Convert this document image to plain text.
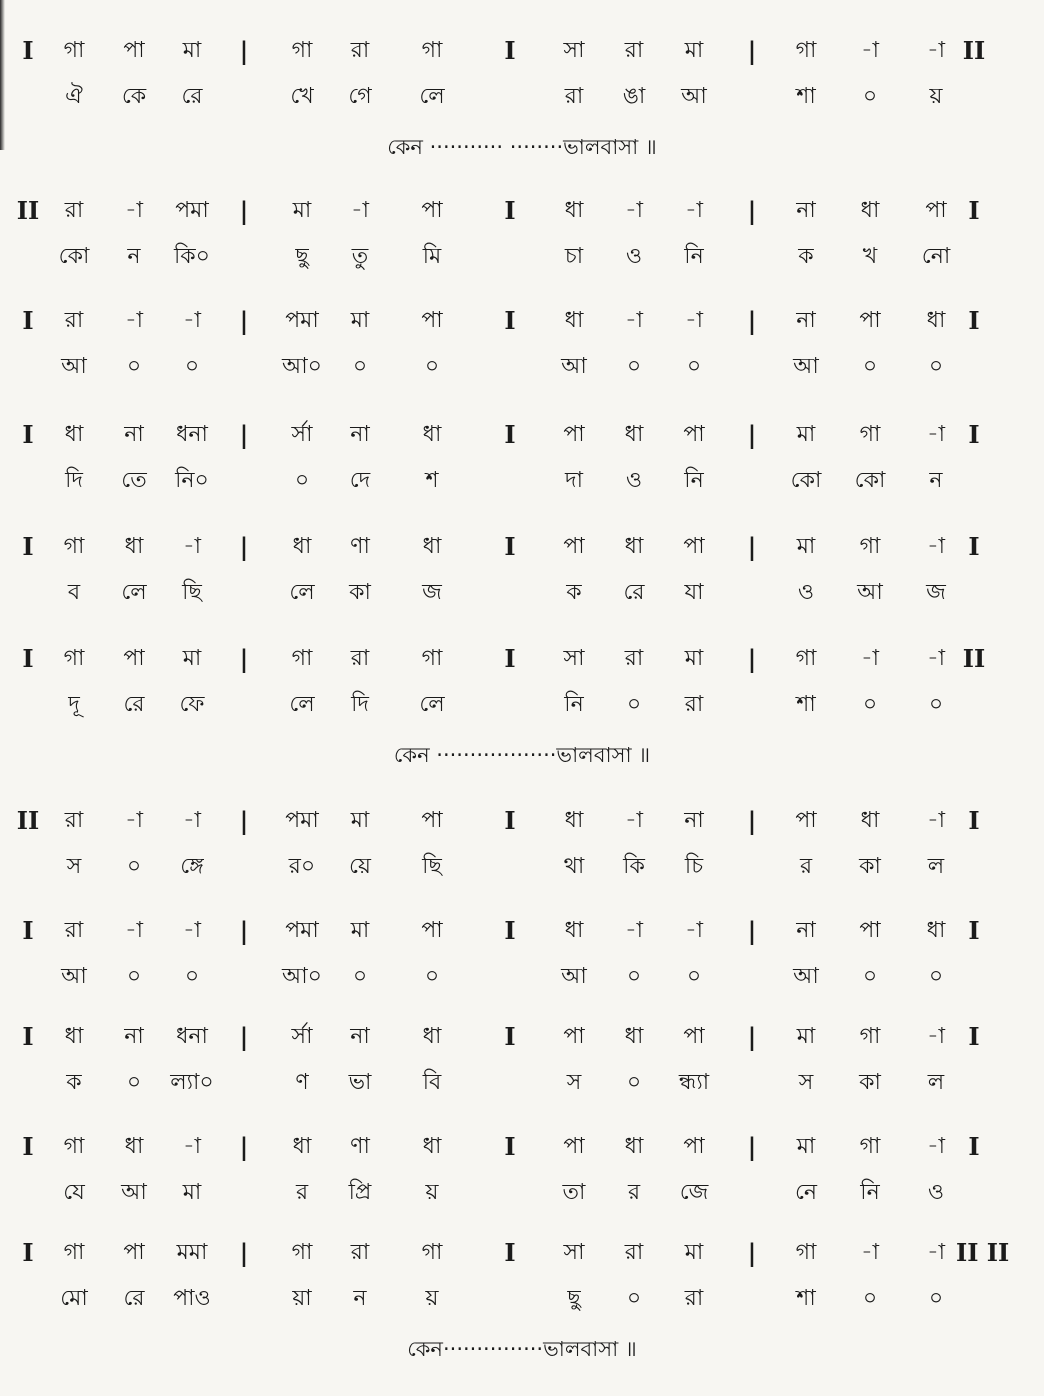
I	গা	পা	মা	|	গা	রা	গা	I	সা	রা	মা	|	গা	-া	-া II
ঐ	কে	রে	খে	গে	লে	রা	ঙা	আ	শা	০	য়
কেন ··········· ········ভালবাসা ॥
II	রা	-া	পমা	|	মা	-া	পা	I	ধা	-া	-া	|	না	ধা	পা I
কো	ন	কি০	ছু	তু	মি	চা	ও	নি	ক	খ	নো
I	রা	-া	-া	|	পমা	মা	পা	I	ধা	-া	-া	|	না	পা	ধা I
আ	০	০	আ০	০	০	আ	০	০	আ	০	০
I	ধা	না	ধনা	|	র্সা	না	ধা	I	পা	ধা	পা	|	মা	গা	-া I
দি	তে	নি০	০	দে	শ	দা	ও	নি	কো	কো	ন
I	গা	ধা	-া	|	ধা	ণা	ধা	I	পা	ধা	পা	|	মা	গা	-া I
ব	লে	ছি	লে	কা	জ	ক	রে	যা	ও	আ	জ
I	গা	পা	মা	|	গা	রা	গা	I	সা	রা	মা	|	গা	-া	-া II
দূ	রে	ফে	লে	দি	লে	নি	০	রা	শা	০	০
কেন ··················ভালবাসা ॥
II	রা	-া	-া	|	পমা	মা	পা	I	ধা	-া	না	|	পা	ধা	-া I
স	০	ঙ্গে	র০	য়ে	ছি	থা	কি	চি	র	কা	ল
I	রা	-া	-া	|	পমা	মা	পা	I	ধা	-া	-া	|	না	পা	ধা I
আ	০	০	আ০	০	০	আ	০	০	আ	০	০
I	ধা	না	ধনা	|	র্সা	না	ধা	I	পা	ধা	পা	|	মা	গা	-া I
ক	০	ল্যা০	ণ	ভা	বি	স	০	ন্ধ্যা	স	কা	ল
I	গা	ধা	-া	|	ধা	ণা	ধা	I	পা	ধা	পা	|	মা	গা	-া I
যে	আ	মা	র	প্রি	য়	তা	র	জে	নে	নি	ও
I	গা	পা	মমা	|	গা	রা	গা	I	সা	রা	মা	|	গা	-া	-া II II
মো	রে	পাও	য়া	ন	য়	ছু	০	রা	শা	০	০
কেন···············ভালবাসা ॥
